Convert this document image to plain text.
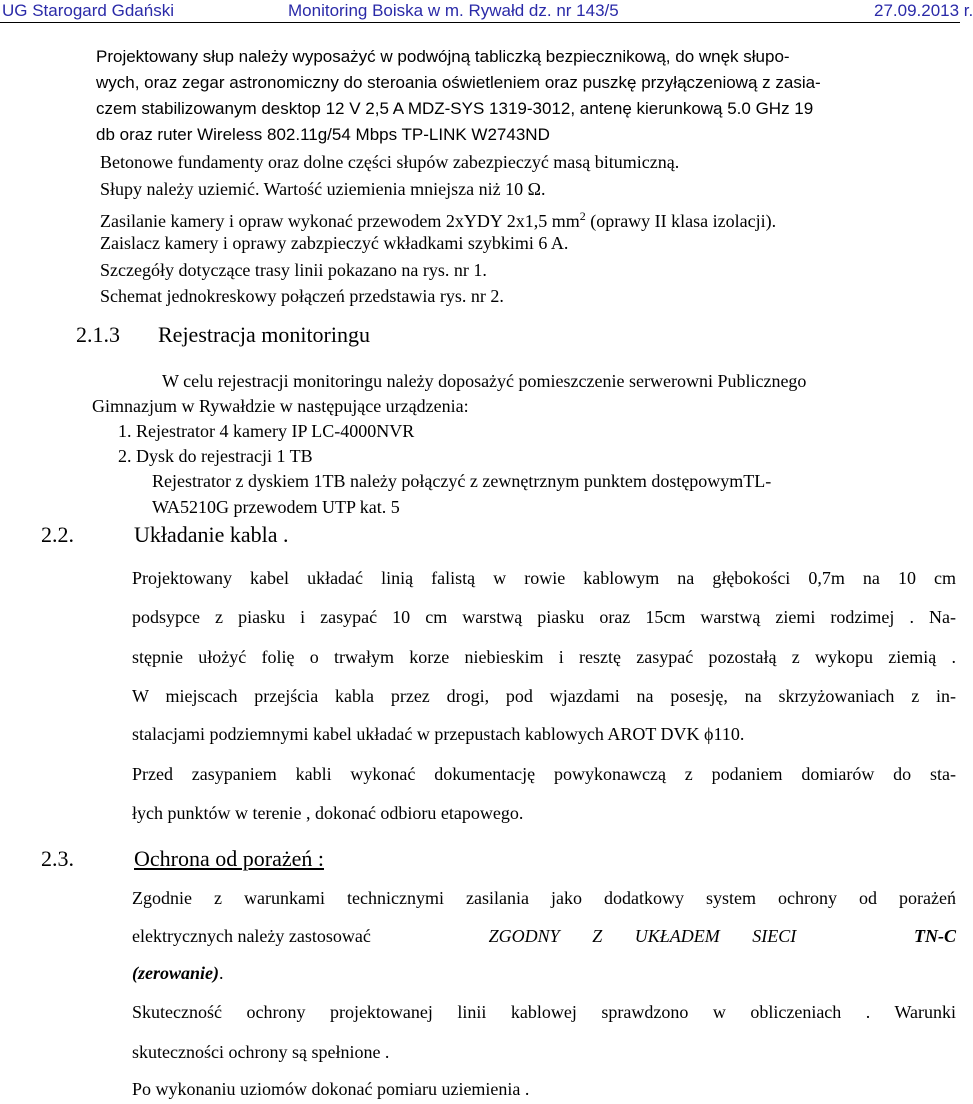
UG Starogard Gdański	Monitoring Boiska w m. Rywałd dz. nr 143/5	27.09.2013 r.
Projektowany słup należy wyposażyć w podwójną tabliczką bezpiecznikową, do wnęk słupo-
wych, oraz zegar astronomiczny do steroania oświetleniem oraz puszkę przyłączeniową z zasia-
czem stabilizowanym desktop 12 V 2,5 A MDZ-SYS 1319-3012, antenę kierunkową 5.0 GHz 19
db oraz ruter Wireless 802.11g/54 Mbps TP-LINK W2743ND
Betonowe fundamenty oraz dolne części słupów zabezpieczyć masą bitumiczną.
Słupy należy uziemić. Wartość uziemienia mniejsza niż 10 Ω.
Zasilanie kamery i opraw wykonać przewodem 2xYDY 2x1,5 $mm^2$ (oprawy II klasa izolacji).
Zaislacz kamery i oprawy zabzpieczyć wkładkami szybkimi 6 A.
Szczegóły dotyczące trasy linii pokazano na rys. nr 1.
Schemat jednokreskowy połączeń przedstawia rys. nr 2.
2.1.3 Rejestracja monitoringu
W celu rejestracji monitoringu należy doposażyć pomieszczenie serwerowni Publicznego
Gimnazjum w Rywałdzie w następujące urządzenia:
1. Rejestrator 4 kamery IP LC-4000NVR
2. Dysk do rejestracji 1 TB
Rejestrator z dyskiem 1TB należy połączyć z zewnętrznym punktem dostępowymTL-
WA5210G przewodem UTP kat. 5
2.2.	Układanie kabla .
Projektowany kabel układać linią falistą w rowie kablowym na głębokości 0,7m na 10 cm
podsypce z piasku i zasypać 10 cm warstwą piasku oraz 15cm warstwą ziemi rodzimej . Na-
stępnie ułożyć folię o trwałym korze niebieskim i resztę zasypać pozostałą z wykopu ziemią .
W miejscach przejścia kabla przez drogi, pod wjazdami na posesję, na skrzyżowaniach z in-
stalacjami podziemnymi kabel układać w przepustach kablowych AROT DVK ϕ110.
Przed zasypaniem kabli wykonać dokumentację powykonawczą z podaniem domiarów do sta-
łych punktów w terenie , dokonać odbioru etapowego.
2.3.	Ochrona od porażeń :
Zgodnie z warunkami technicznymi zasilania jako dodatkowy system ochrony od porażeń
elektrycznych należy zastosować	ZGODNY Z UKŁADEM SIECI	TN-C
(zerowanie).
Skuteczność ochrony projektowanej linii kablowej sprawdzono w obliczeniach . Warunki
skuteczności ochrony są spełnione .
Po wykonaniu uziomów dokonać pomiaru uziemienia .
